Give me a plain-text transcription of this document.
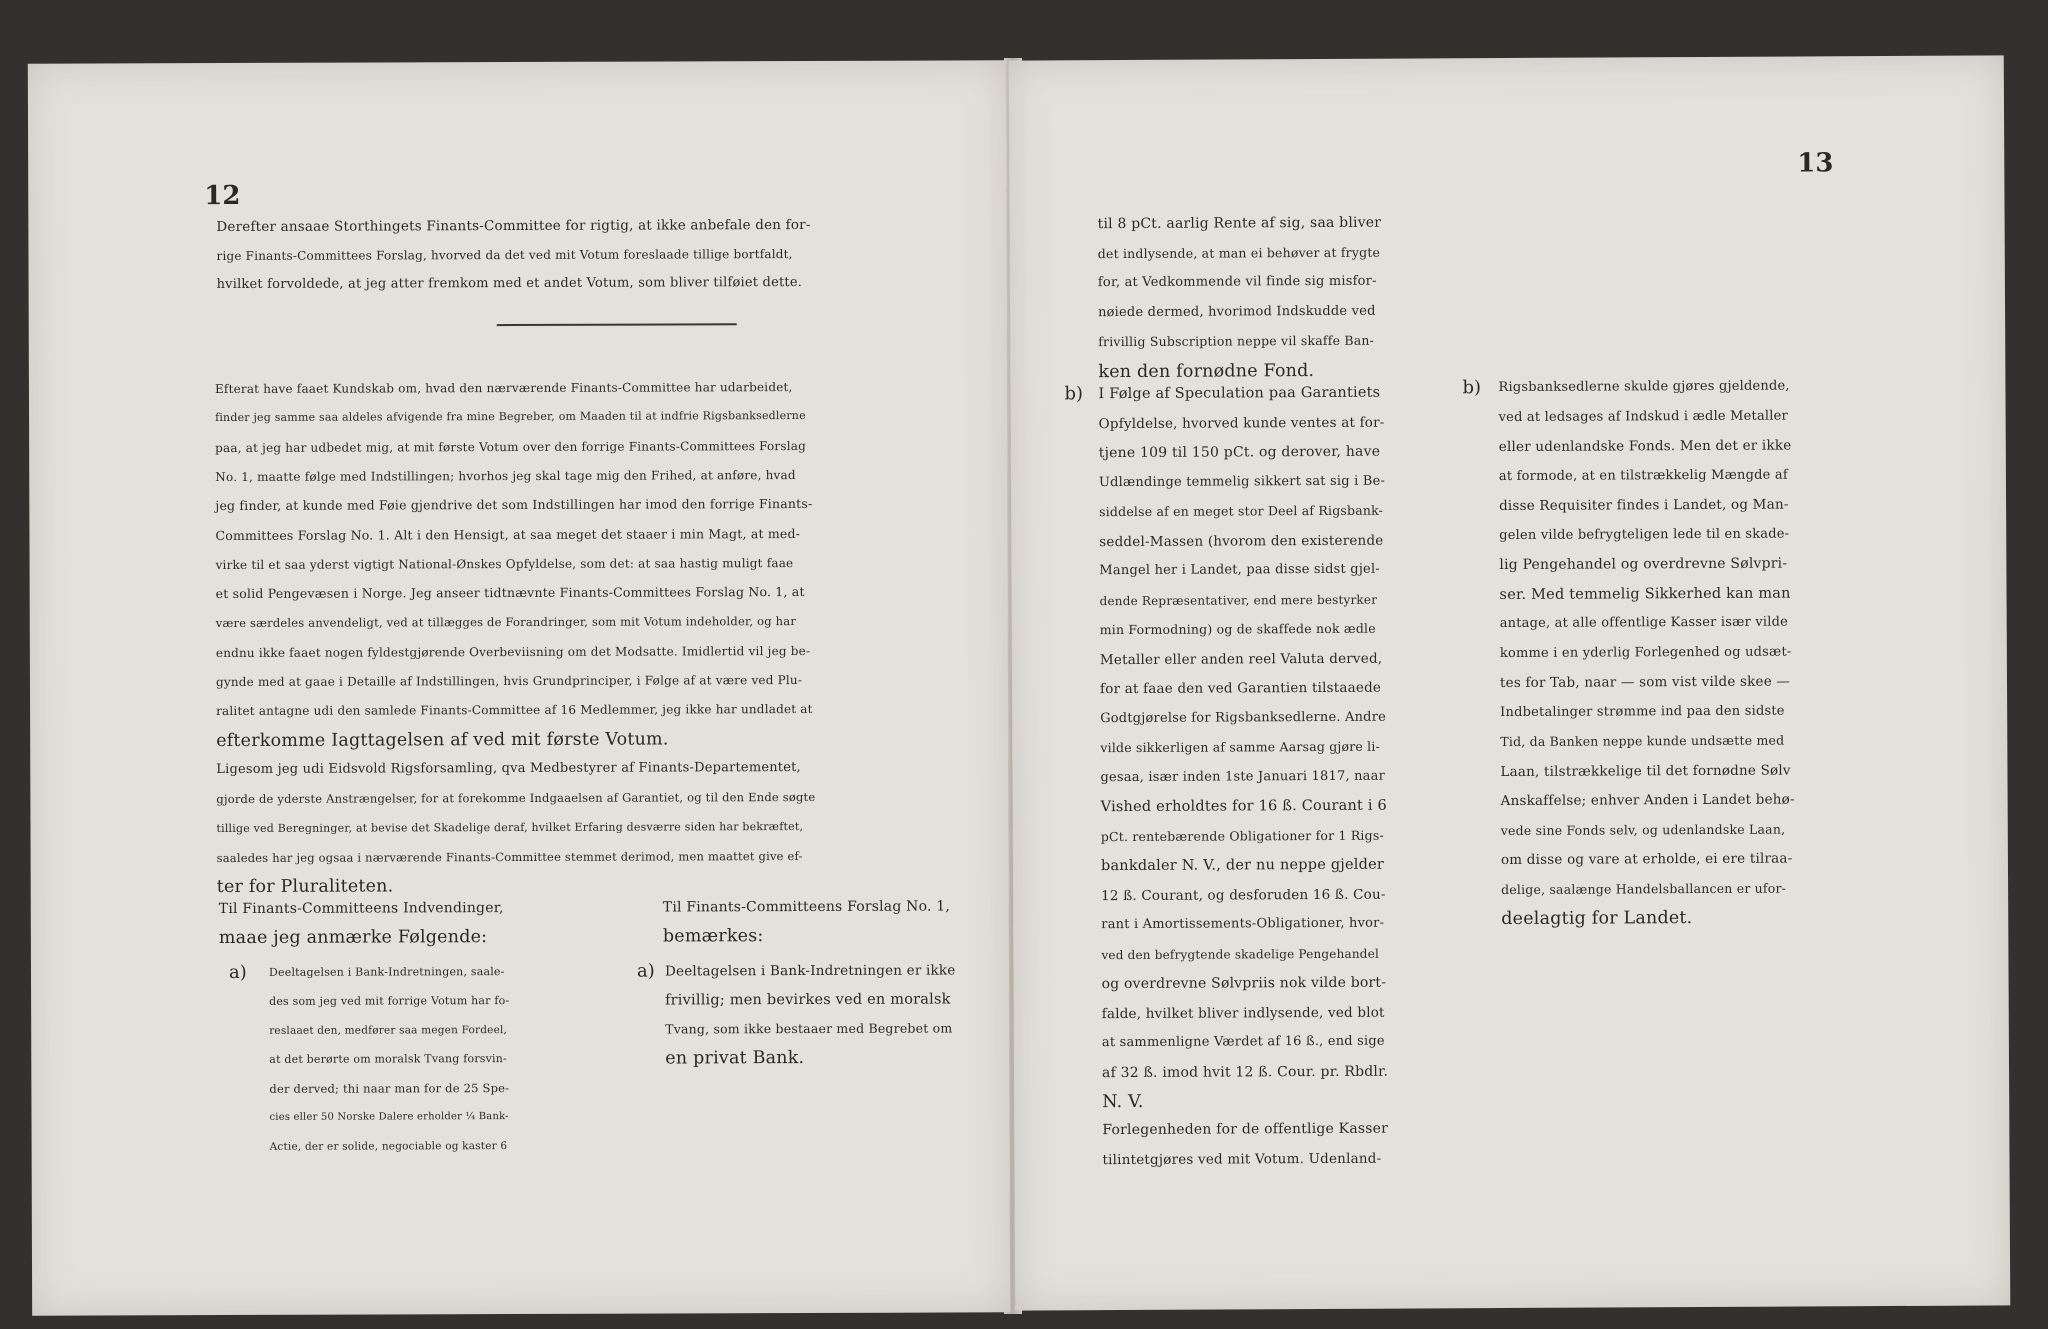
12
Derefter ansaae Storthingets Finants-Committee for rigtig, at ikke anbefale den for-
rige Finants-Committees Forslag, hvorved da det ved mit Votum foreslaade tillige bortfaldt,
hvilket forvoldede, at jeg atter fremkom med et andet Votum, som bliver tilføiet dette.
Efterat have faaet Kundskab om, hvad den nærværende Finants-Committee har udarbeidet,
finder jeg samme saa aldeles afvigende fra mine Begreber, om Maaden til at indfrie Rigsbanksedlerne
paa, at jeg har udbedet mig, at mit første Votum over den forrige Finants-Committees Forslag
No. 1, maatte følge med Indstillingen; hvorhos jeg skal tage mig den Frihed, at anføre, hvad
jeg finder, at kunde med Føie gjendrive det som Indstillingen har imod den forrige Finants-
Committees Forslag No. 1. Alt i den Hensigt, at saa meget det staaer i min Magt, at med-
virke til et saa yderst vigtigt National-Ønskes Opfyldelse, som det: at saa hastig muligt faae
et solid Pengevæsen i Norge. Jeg anseer tidtnævnte Finants-Committees Forslag No. 1, at
være særdeles anvendeligt, ved at tillægges de Forandringer, som mit Votum indeholder, og har
endnu ikke faaet nogen fyldestgjørende Overbeviisning om det Modsatte. Imidlertid vil jeg be-
gynde med at gaae i Detaille af Indstillingen, hvis Grundprinciper, i Følge af at være ved Plu-
ralitet antagne udi den samlede Finants-Committee af 16 Medlemmer, jeg ikke har undladet at
efterkomme Iagttagelsen af ved mit første Votum.
Ligesom jeg udi Eidsvold Rigsforsamling, qva Medbestyrer af Finants-Departementet,
gjorde de yderste Anstrængelser, for at forekomme Indgaaelsen af Garantiet, og til den Ende søgte
tillige ved Beregninger, at bevise det Skadelige deraf, hvilket Erfaring desværre siden har bekræftet,
saaledes har jeg ogsaa i nærværende Finants-Committee stemmet derimod, men maattet give ef-
ter for Pluraliteten.
Til Finants-Committeens Indvendinger,
maae jeg anmærke Følgende:
a) Deeltagelsen i Bank-Indretningen, saale-
des som jeg ved mit forrige Votum har fo-
reslaaet den, medfører saa megen Fordeel,
at det berørte om moralsk Tvang forsvin-
der derved; thi naar man for de 25 Spe-
cies eller 50 Norske Dalere erholder ¼ Bank-
Actie, der er solide, negociable og kaster 6
Til Finants-Committeens Forslag No. 1,
bemærkes:
a) Deeltagelsen i Bank-Indretningen er ikke
frivillig; men bevirkes ved en moralsk
Tvang, som ikke bestaaer med Begrebet om
en privat Bank.
13
til 8 pCt. aarlig Rente af sig, saa bliver
det indlysende, at man ei behøver at frygte
for, at Vedkommende vil finde sig misfor-
nøiede dermed, hvorimod Indskudde ved
frivillig Subscription neppe vil skaffe Ban-
ken den fornødne Fond.
b) I Følge af Speculation paa Garantiets
Opfyldelse, hvorved kunde ventes at for-
tjene 109 til 150 pCt. og derover, have
Udlændinge temmelig sikkert sat sig i Be-
siddelse af en meget stor Deel af Rigsbank-
seddel-Massen (hvorom den existerende
Mangel her i Landet, paa disse sidst gjel-
dende Repræsentativer, end mere bestyrker
min Formodning) og de skaffede nok ædle
Metaller eller anden reel Valuta derved,
for at faae den ved Garantien tilstaaede
Godtgjørelse for Rigsbanksedlerne. Andre
vilde sikkerligen af samme Aarsag gjøre li-
gesaa, især inden 1ste Januari 1817, naar
Vished erholdtes for 16 ß. Courant i 6
pCt. rentebærende Obligationer for 1 Rigs-
bankdaler N. V., der nu neppe gjelder
12 ß. Courant, og desforuden 16 ß. Cou-
rant i Amortissements-Obligationer, hvor-
ved den befrygtende skadelige Pengehandel
og overdrevne Sølvpriis nok vilde bort-
falde, hvilket bliver indlysende, ved blot
at sammenligne Værdet af 16 ß., end sige
af 32 ß. imod hvit 12 ß. Cour. pr. Rbdlr.
N. V.
Forlegenheden for de offentlige Kasser
tilintetgjøres ved mit Votum. Udenland-
b) Rigsbanksedlerne skulde gjøres gjeldende,
ved at ledsages af Indskud i ædle Metaller
eller udenlandske Fonds. Men det er ikke
at formode, at en tilstrækkelig Mængde af
disse Requisiter findes i Landet, og Man-
gelen vilde befrygteligen lede til en skade-
lig Pengehandel og overdrevne Sølvpri-
ser. Med temmelig Sikkerhed kan man
antage, at alle offentlige Kasser især vilde
komme i en yderlig Forlegenhed og udsæt-
tes for Tab, naar — som vist vilde skee —
Indbetalinger strømme ind paa den sidste
Tid, da Banken neppe kunde undsætte med
Laan, tilstrækkelige til det fornødne Sølv
Anskaffelse; enhver Anden i Landet behø-
vede sine Fonds selv, og udenlandske Laan,
om disse og vare at erholde, ei ere tilraa-
delige, saalænge Handelsballancen er ufor-
deelagtig for Landet.
